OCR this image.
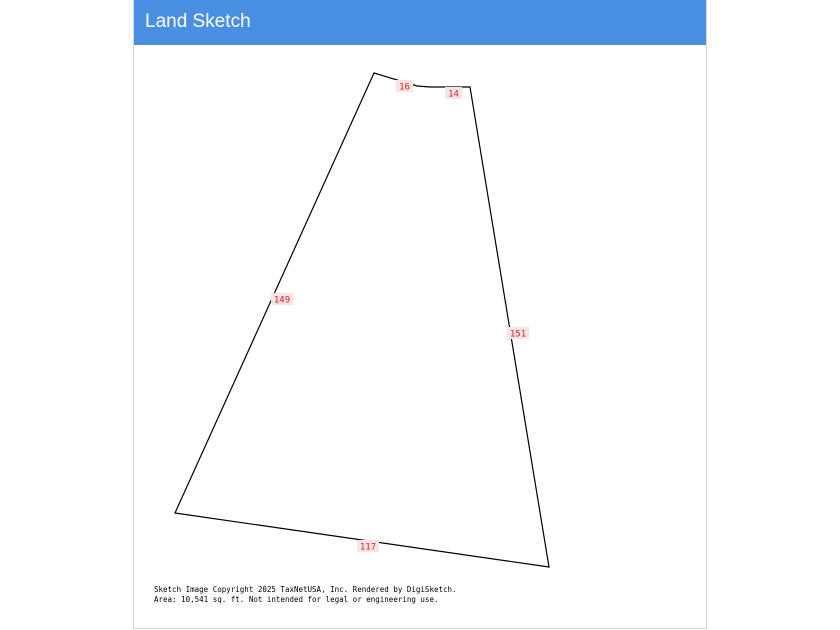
Land Sketch
16
14
151
117
149
Sketch Image Copyright 2025 TaxNetUSA, Inc. Rendered by DigiSketch.
Area: 10,541 sq. ft. Not intended for legal or engineering use.
